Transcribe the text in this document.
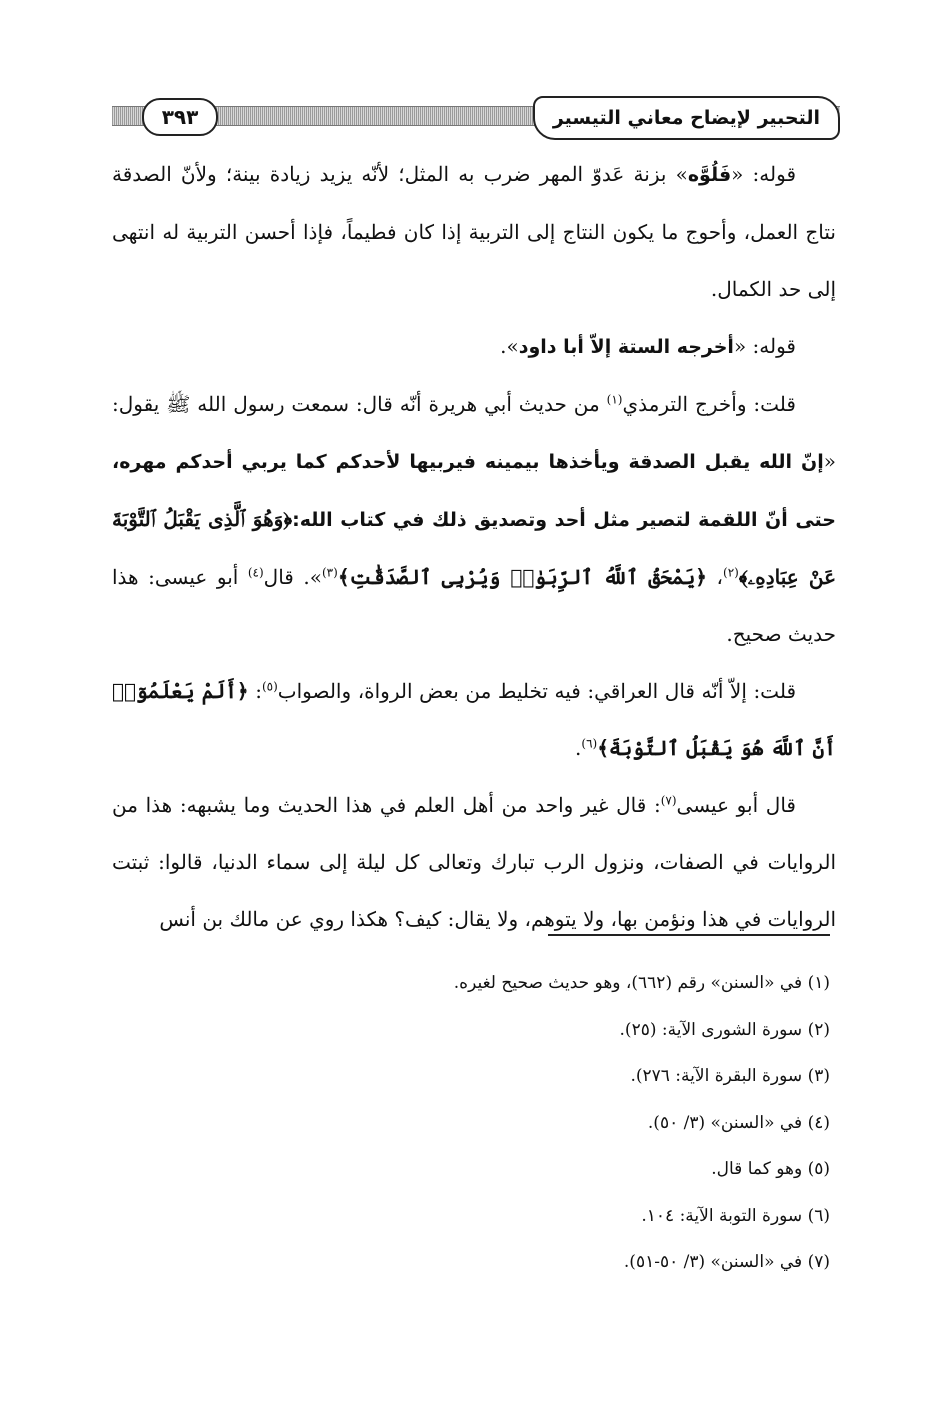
٣٩٣	التحبير لإيضاح معاني التيسير

قوله: «فَلُوَّه» بزنة عَدوّ المهر ضرب به المثل؛ لأنّه يزيد زيادة بينة؛ ولأنّ الصدقة نتاج العمل، وأحوج ما يكون النتاج إلى التربية إذا كان فطيماً، فإذا أحسن التربية له انتهى إلى حد الكمال.

قوله: «أخرجه الستة إلاّ أبا داود».

قلت: وأخرج الترمذي$^{(١)}$ من حديث أبي هريرة أنّه قال: سمعت رسول الله ﷺ يقول: «إنّ الله يقبل الصدقة ويأخذها بيمينه فيربيها لأحدكم كما يربي أحدكم مهره، حتى أنّ اللقمة لتصير مثل أحد وتصديق ذلك في كتاب الله:﴿وَهُوَ ٱلَّذِى يَقْبَلُ ٱلتَّوْبَةَ عَنْ عِبَادِهِۦ﴾$^{(٢)}$، ﴿يَمْحَقُ ٱللَّهُ ٱلرِّبَوٰا۟ وَيُرْبِى ٱلصَّدَقَٰتِ﴾$^{(٣)}$». قال$^{(٤)}$ أبو عيسى: هذا حديث صحيح.

قلت: إلاّ أنّه قال العراقي: فيه تخليط من بعض الرواة، والصواب$^{(٥)}$: ﴿أَلَمْ يَعْلَمُوٓا۟ أَنَّ ٱللَّهَ هُوَ يَقْبَلُ ٱلتَّوْبَةَ﴾$^{(٦)}$.

قال أبو عيسى$^{(٧)}$: قال غير واحد من أهل العلم في هذا الحديث وما يشبهه: هذا من الروايات في الصفات، ونزول الرب تبارك وتعالى كل ليلة إلى سماء الدنيا، قالوا: ثبتت الروايات في هذا ونؤمن بها، ولا يتوهم، ولا يقال: كيف؟ هكذا روي عن مالك بن أنس

(١) في «السنن» رقم (٦٦٢)، وهو حديث صحيح لغيره.
(٢) سورة الشورى الآية: (٢٥).
(٣) سورة البقرة الآية: ٢٧٦).
(٤) في «السنن» (٣/ ٥٠).
(٥) وهو كما قال.
(٦) سورة التوبة الآية: ١٠٤.
(٧) في «السنن» (٣/ ٥٠-٥١).
